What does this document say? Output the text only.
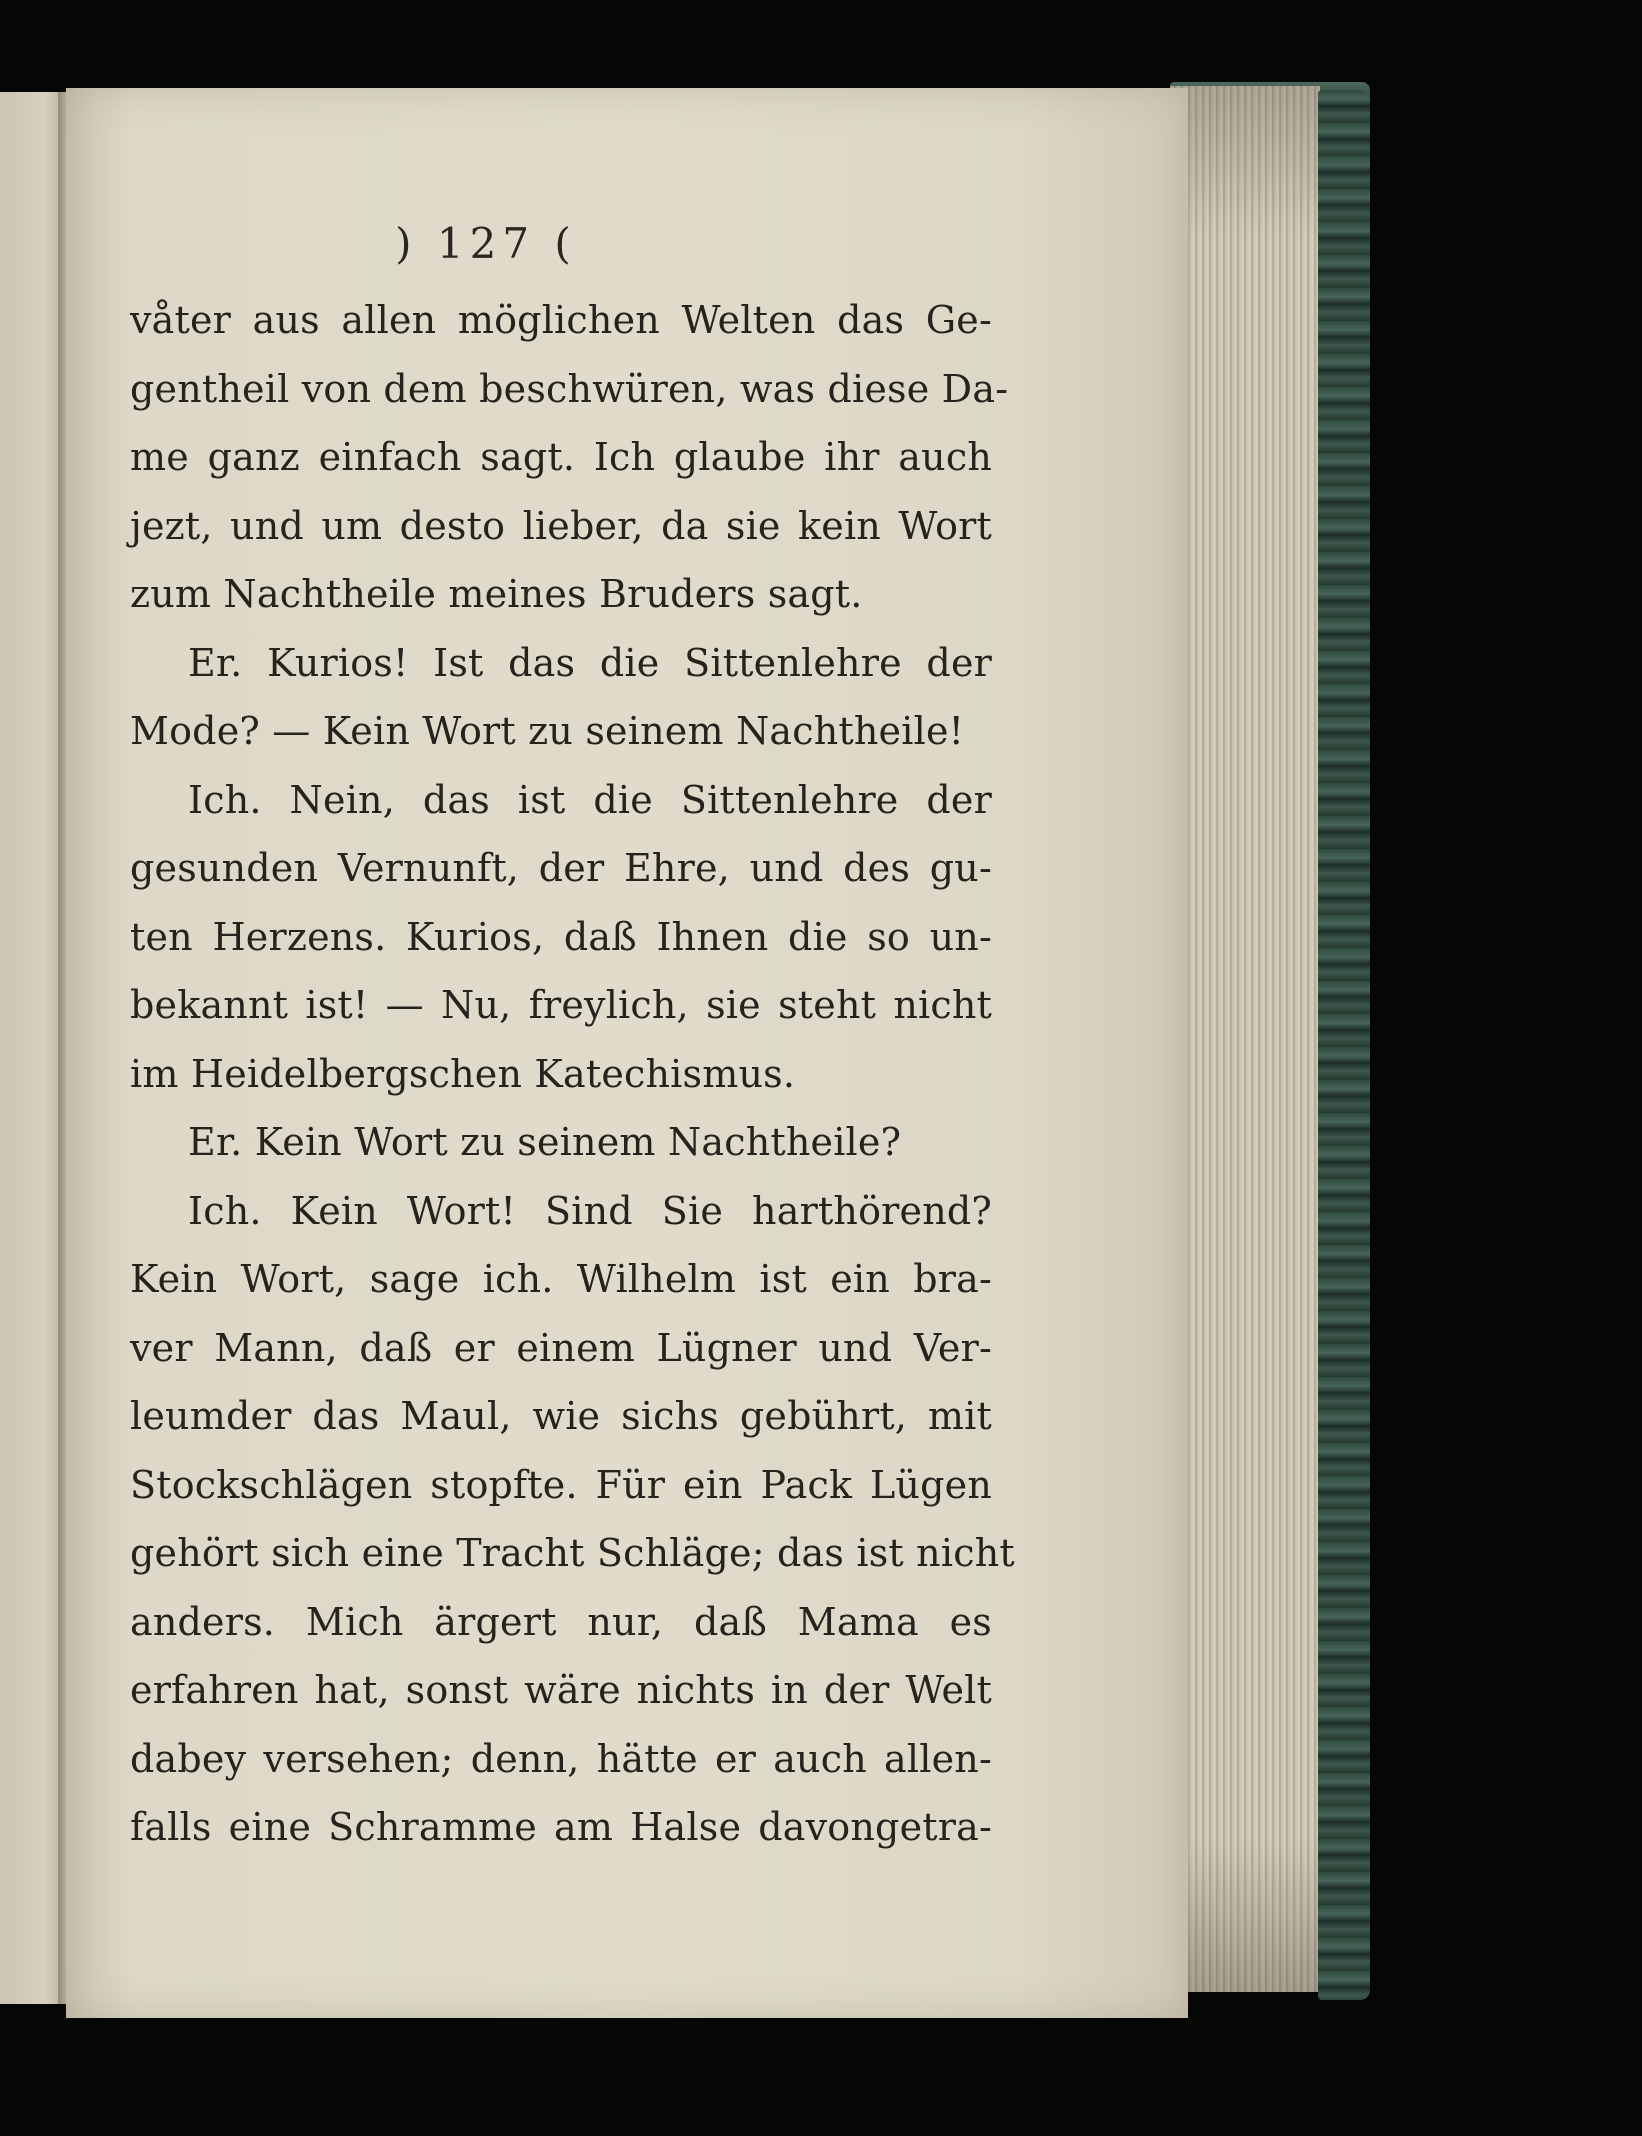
) 127 (
våter aus allen möglichen Welten das Ge-
gentheil von dem beschwüren, was diese Da-
me ganz einfach sagt. Ich glaube ihr auch
jezt, und um desto lieber, da sie kein Wort
zum Nachtheile meines Bruders sagt.
Er. Kurios! Ist das die Sittenlehre der
Mode? — Kein Wort zu seinem Nachtheile!
Ich. Nein, das ist die Sittenlehre der
gesunden Vernunft, der Ehre, und des gu-
ten Herzens. Kurios, daß Ihnen die so un-
bekannt ist! — Nu, freylich, sie steht nicht
im Heidelbergschen Katechismus.
Er. Kein Wort zu seinem Nachtheile?
Ich. Kein Wort! Sind Sie harthörend?
Kein Wort, sage ich. Wilhelm ist ein bra-
ver Mann, daß er einem Lügner und Ver-
leumder das Maul, wie sichs gebührt, mit
Stockschlägen stopfte. Für ein Pack Lügen
gehört sich eine Tracht Schläge; das ist nicht
anders. Mich ärgert nur, daß Mama es
erfahren hat, sonst wäre nichts in der Welt
dabey versehen; denn, hätte er auch allen-
falls eine Schramme am Halse davongetra-
